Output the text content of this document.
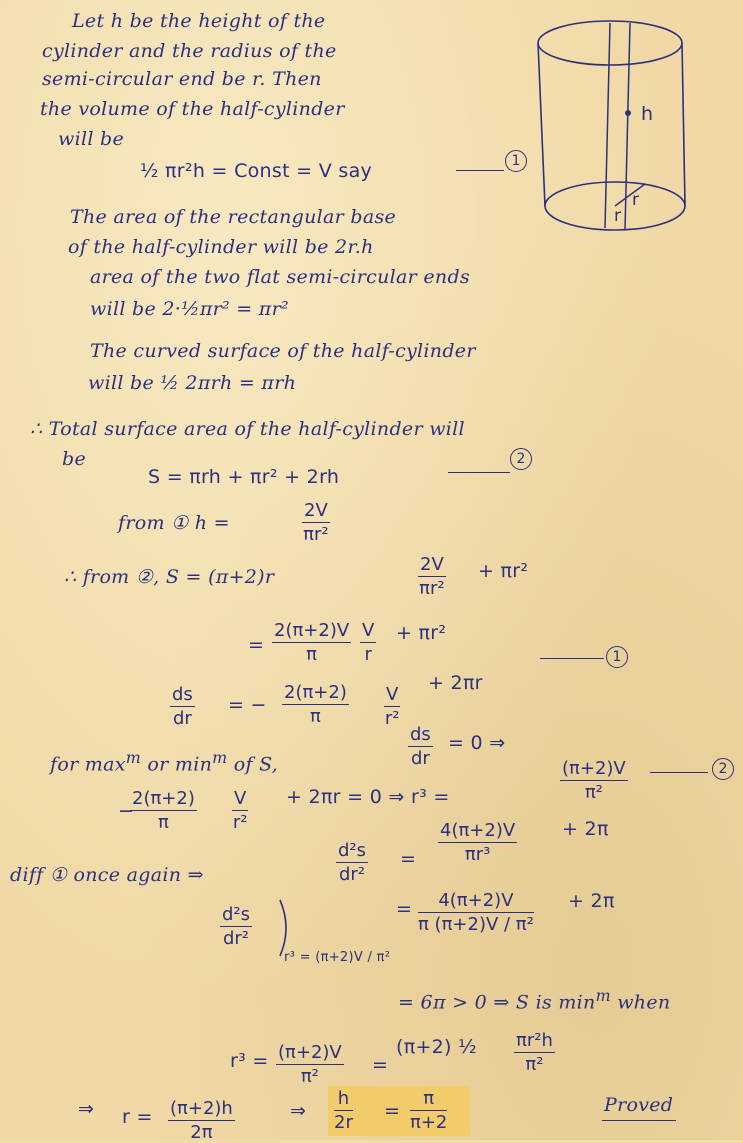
h
r
r
Let h be the height of the
cylinder and the radius of the
semi-circular end be r. Then
the volume of the half-cylinder
will be
½ πr²h = Const = V say	1
The area of the rectangular base
of the half-cylinder will be 2r.h
area of the two flat semi-circular ends
will be 2·½πr² = πr²
The curved surface of the half-cylinder
will be ½ 2πrh = πrh
∴ Total surface area of the half-cylinder will
be
S = πrh + πr² + 2rh
2
from ① h =	$\frac{2V}{\text{πr²}}$
∴ from ②, S = (π+2)r	$\frac{2V}{\text{πr²}} + \pi r^2$
= $\frac{2(\pi+2)V}{\pi} \frac{V}{r} + \pi r^2$
1
$\frac{ds}{dr}$ = − $\frac{2(\pi+2)}{\pi} \frac{V}{\text{r²}}$
+ 2πr
for $\max^m$ or $\min^m$ of S,	$\frac{ds}{dr} = 0$ ⇒
−
$\frac{2(\pi+2)}{\pi} \frac{V}{\text{r²}} + 2\pi r = 0$ ⇒ r³ =	$\frac{(\pi+2)V}{\text{π²}}$	2
diff ① once again ⇒	$\frac{\text{d²s}}{\text{dr²}} = \frac{4(\pi+2)V}{\text{πr³}} + 2\pi$
$\frac{\text{d²s}}{\text{dr²}}$
r³ = (π+2)V / π²
= $\frac{4(\pi+2)V}{\text{π (π+2)V / π²}} + 2\pi$
= 6π > 0 ⇒ S is $\min^m$ when
$r^3 = \frac{(\pi+2)V}{\text{π²}}$ =
(π+2) ½ $\frac{\text{πr²h}}{\text{π²}}$
⇒ $r = \frac{(\pi+2)h}{2\pi}$	⇒ $\frac{h}{2r} = \frac{\pi}{\pi+2}$	Proved
